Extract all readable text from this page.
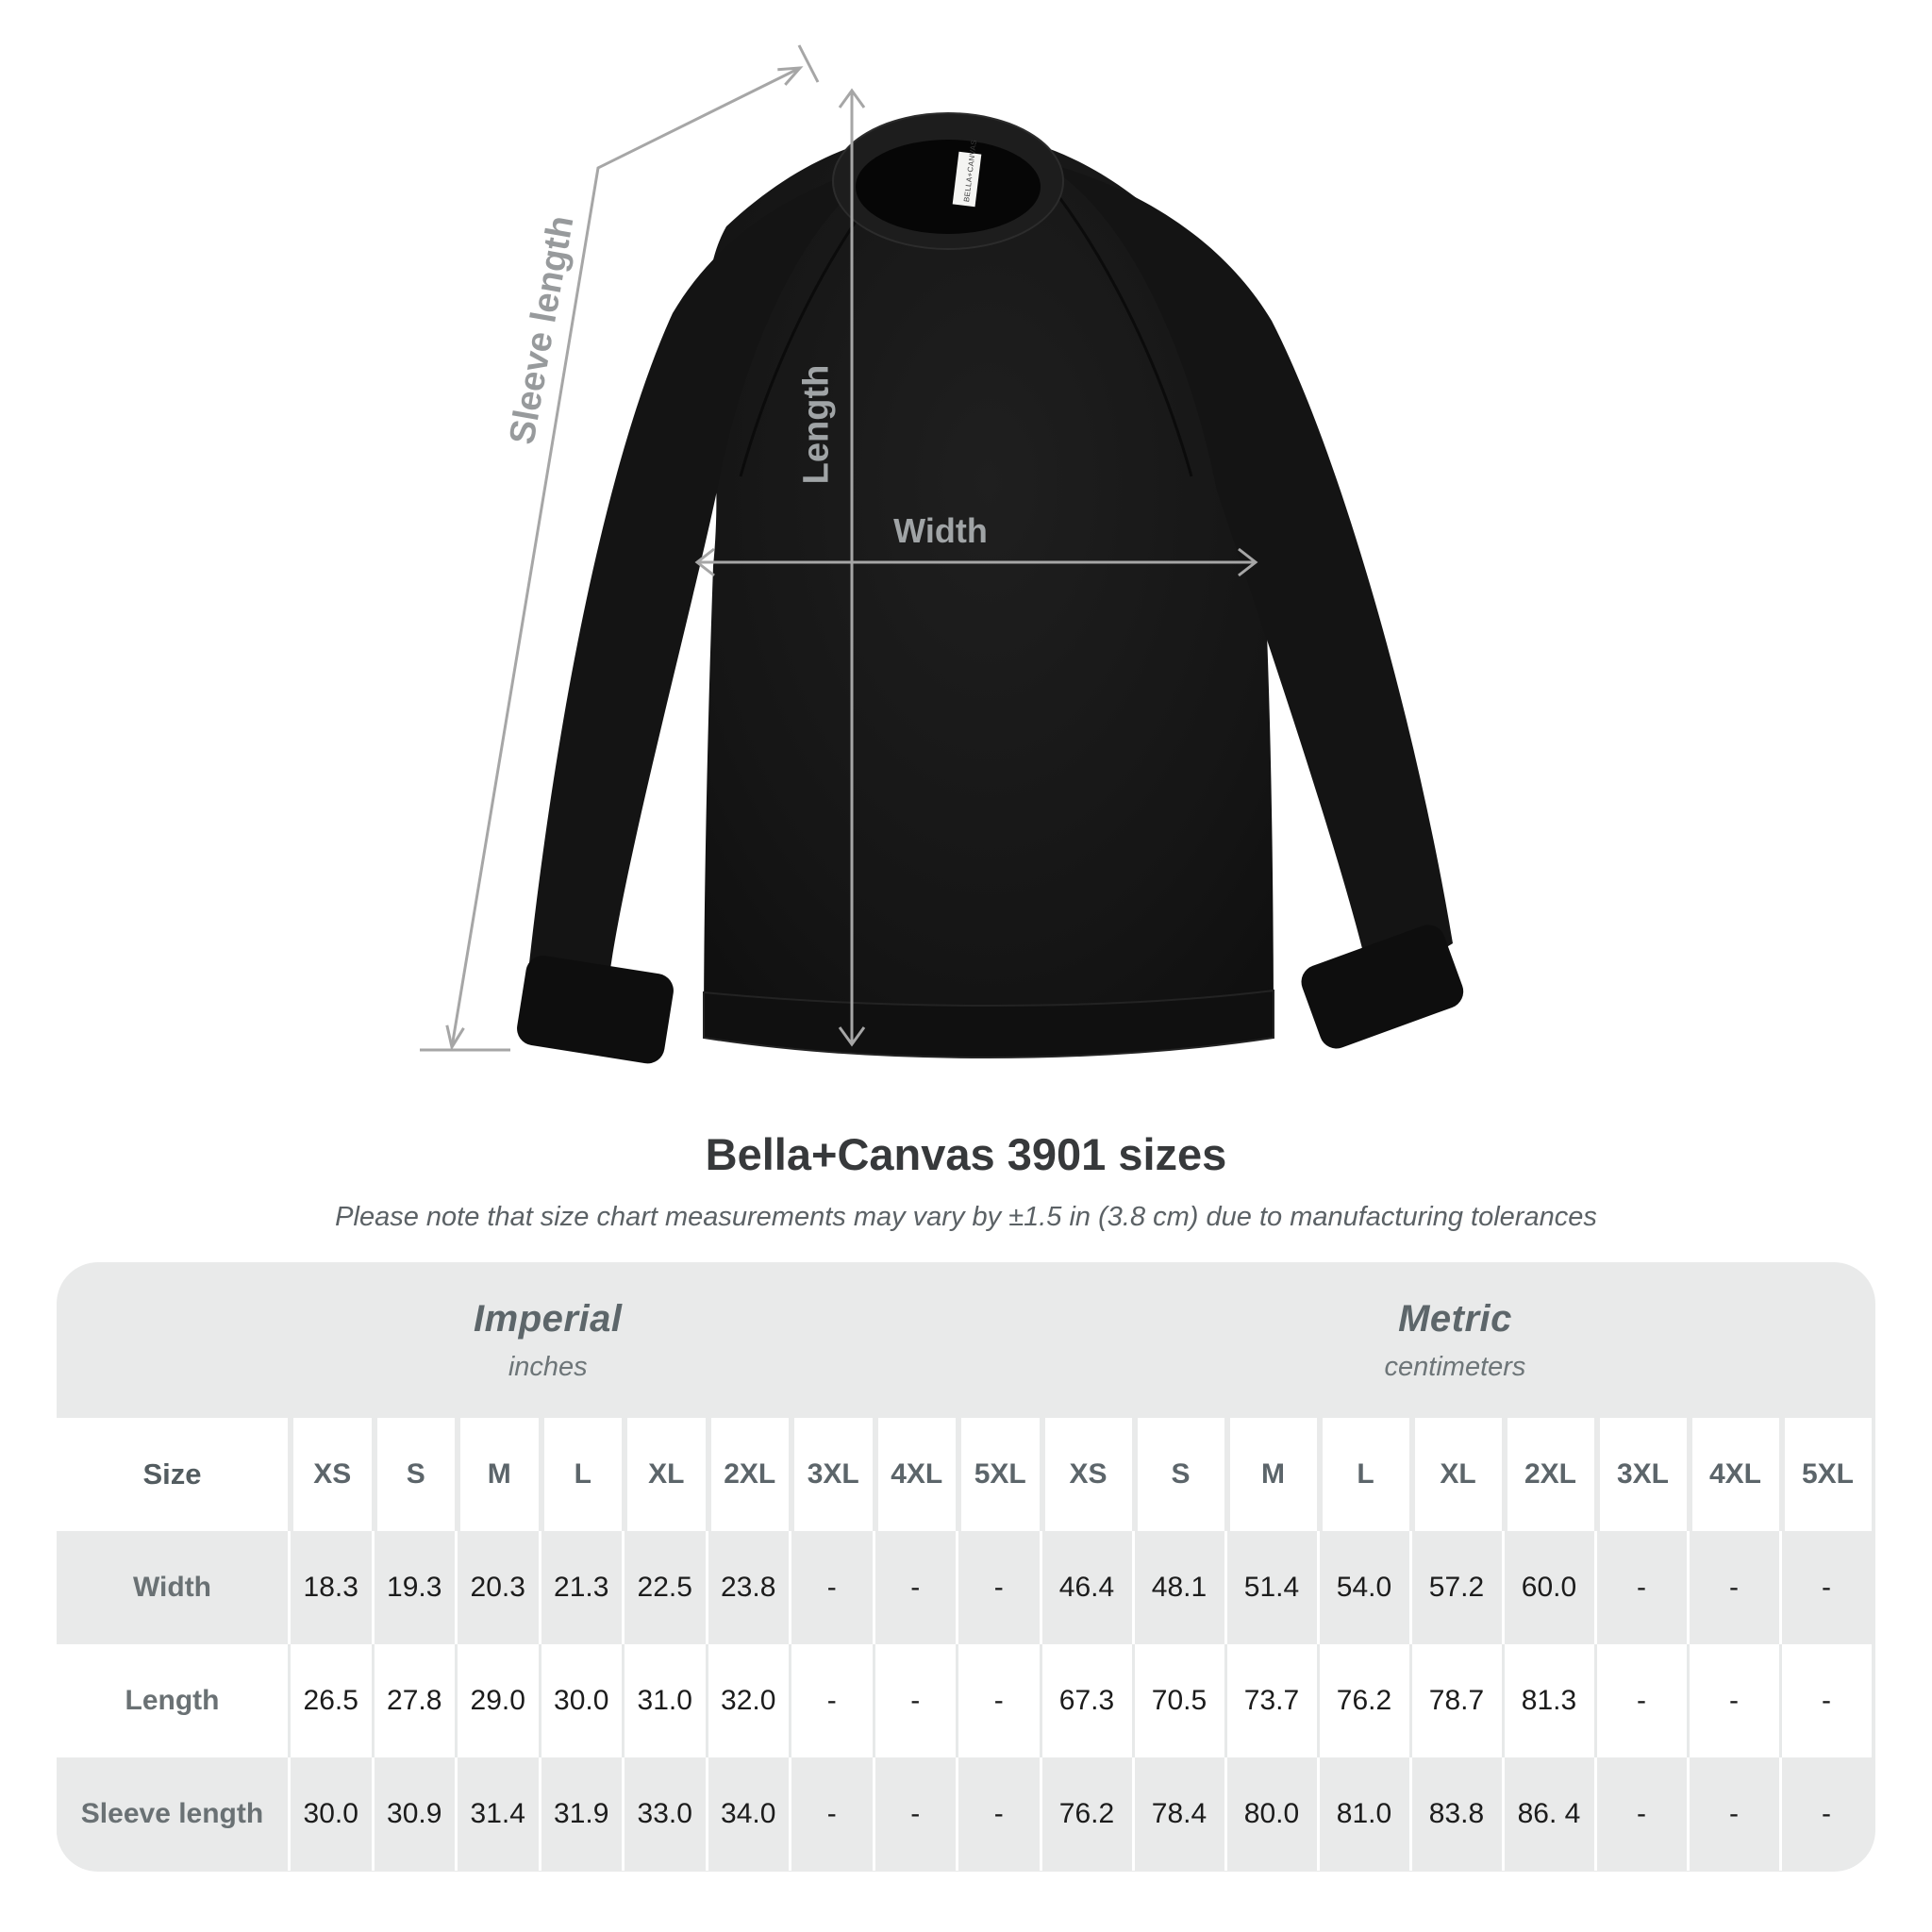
BELLA+CANVAS
Sleeve length	Length
Width
Bella+Canvas 3901 sizes
Please note that size chart measurements may vary by ±1.5 in (3.8 cm) due to manufacturing tolerances
Imperial
inches
Metric
centimeters
Size	XS	S	M	L	XL	2XL	3XL	4XL	5XL	XS	S	M	L	XL	2XL	3XL	4XL	5XL
Width	18.3	19.3	20.3	21.3	22.5	23.8	-	-	-	46.4	48.1	51.4	54.0	57.2	60.0	-	-	-
Length	26.5	27.8	29.0	30.0	31.0	32.0	-	-	-	67.3	70.5	73.7	76.2	78.7	81.3	-	-	-
Sleeve length	30.0	30.9	31.4	31.9	33.0	34.0	-	-	-	76.2	78.4	80.0	81.0	83.8	86. 4	-	-	-
